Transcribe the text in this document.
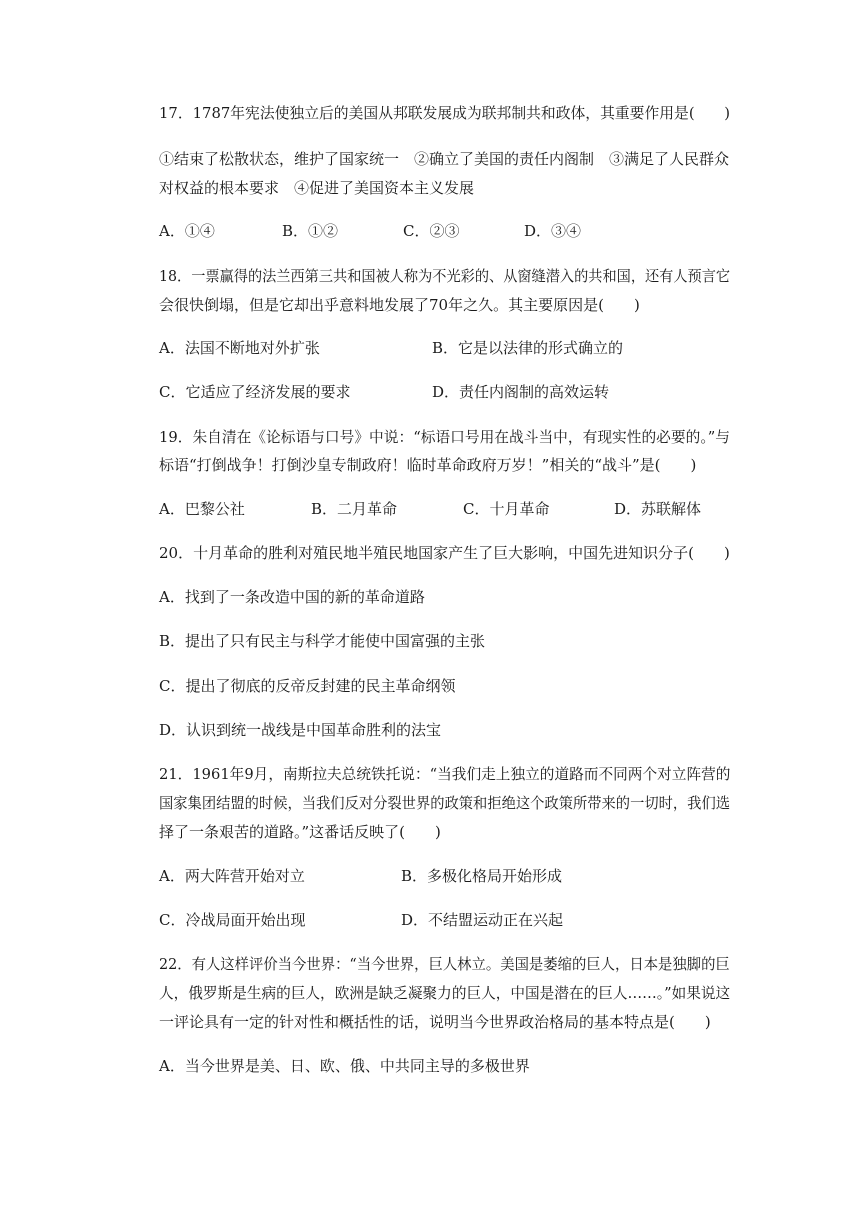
17．1787年宪法使独立后的美国从邦联发展成为联邦制共和政体，其重要作用是(　　)
①结束了松散状态，维护了国家统一　②确立了美国的责任内阁制　③满足了人民群众
对权益的根本要求　④促进了美国资本主义发展
A．①④	B．①②	C．②③	D．③④
18．一票赢得的法兰西第三共和国被人称为不光彩的、从窗缝潜入的共和国，还有人预言它
会很快倒塌，但是它却出乎意料地发展了70年之久。其主要原因是(　　)
A．法国不断地对外扩张	B．它是以法律的形式确立的
C．它适应了经济发展的要求	D．责任内阁制的高效运转
19．朱自清在《论标语与口号》中说：“标语口号用在战斗当中，有现实性的必要的。”与
标语“打倒战争！打倒沙皇专制政府！临时革命政府万岁！”相关的“战斗”是(　　)
A．巴黎公社	B．二月革命	C．十月革命	D．苏联解体
20．十月革命的胜利对殖民地半殖民地国家产生了巨大影响，中国先进知识分子(　　)
A．找到了一条改造中国的新的革命道路
B．提出了只有民主与科学才能使中国富强的主张
C．提出了彻底的反帝反封建的民主革命纲领
D．认识到统一战线是中国革命胜利的法宝
21．1961年9月，南斯拉夫总统铁托说：“当我们走上独立的道路而不同两个对立阵营的
国家集团结盟的时候，当我们反对分裂世界的政策和拒绝这个政策所带来的一切时，我们选
择了一条艰苦的道路。”这番话反映了(　　)
A．两大阵营开始对立	B．多极化格局开始形成
C．冷战局面开始出现	D．不结盟运动正在兴起
22．有人这样评价当今世界：“当今世界，巨人林立。美国是萎缩的巨人，日本是独脚的巨
人，俄罗斯是生病的巨人，欧洲是缺乏凝聚力的巨人，中国是潜在的巨人……。”如果说这
一评论具有一定的针对性和概括性的话，说明当今世界政治格局的基本特点是(　　)
A．当今世界是美、日、欧、俄、中共同主导的多极世界
